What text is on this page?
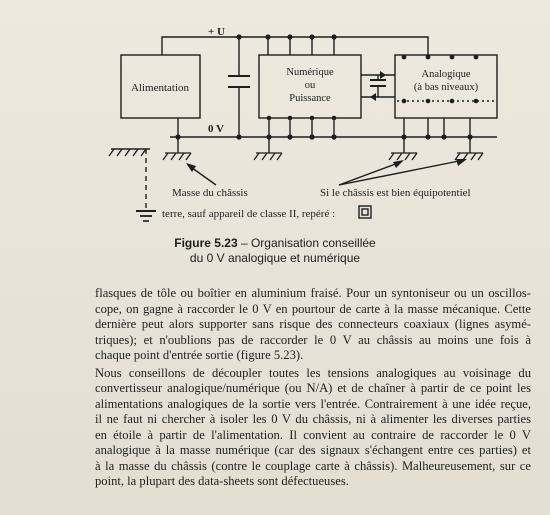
+ U
0 V
Alimentation
Numérique
ou
Puissance
Analogique
(à bas niveaux)
Masse du châssis	Si le châssis est bien équipotentiel
terre, sauf appareil de classe II, repéré :
Figure 5.23 – Organisation conseillée
du 0 V analogique et numérique
flasques de tôle ou boîtier en aluminium fraisé. Pour un syntoniseur ou un oscillos-
cope, on gagne à raccorder le 0 V en pourtour de carte à la masse mécanique. Cette
dernière peut alors supporter sans risque des connecteurs coaxiaux (lignes asymé-
triques); et n'oublions pas de raccorder le 0 V au châssis au moins une fois à
chaque point d'entrée sortie (figure 5.23).
Nous conseillons de découpler toutes les tensions analogiques au voisinage du
convertisseur analogique/numérique (ou N/A) et de chaîner à partir de ce point les
alimentations analogiques de la sortie vers l'entrée. Contrairement à une idée reçue,
il ne faut ni chercher à isoler les 0 V du châssis, ni à alimenter les diverses parties
en étoile à partir de l'alimentation. Il convient au contraire de raccorder le 0 V
analogique à la masse numérique (car des signaux s'échangent entre ces parties) et
à la masse du châssis (contre le couplage carte à châssis). Malheureusement, sur ce
point, la plupart des data-sheets sont défectueuses.
